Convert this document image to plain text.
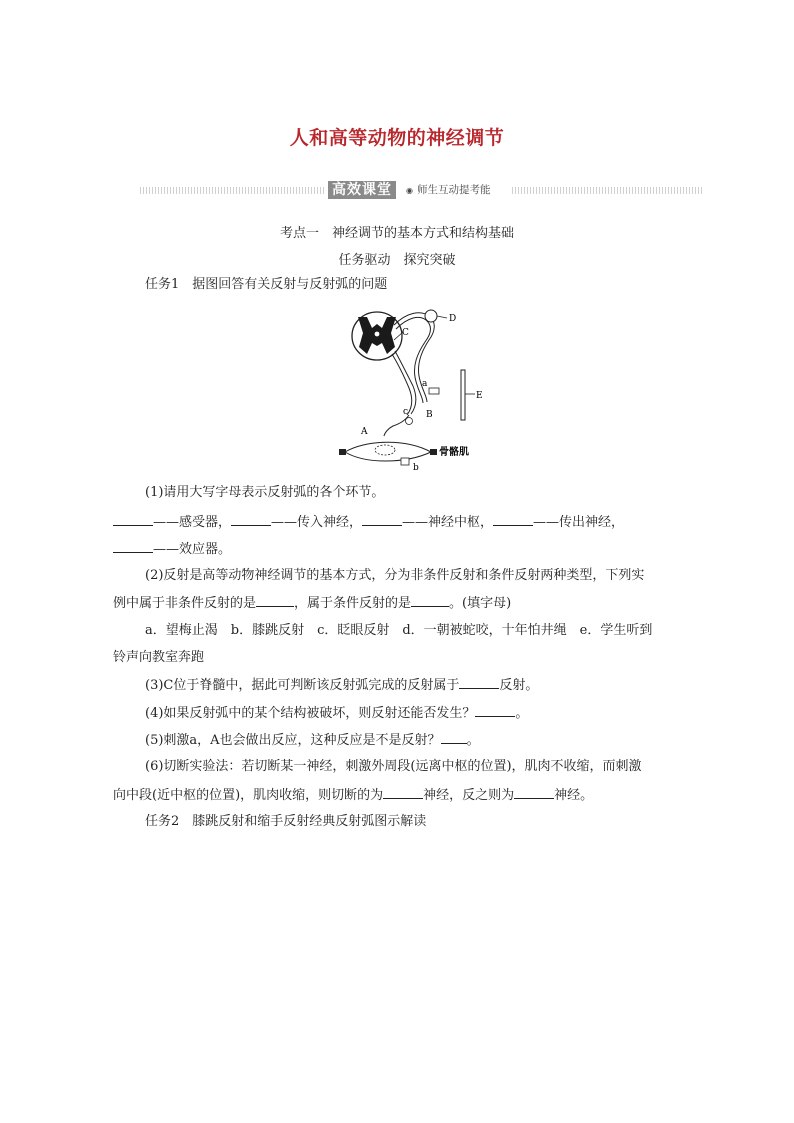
人和高等动物的神经调节
高效课堂	◉ 师生互动提考能
考点一　神经调节的基本方式和结构基础
任务驱动　探究突破
任务1　据图回答有关反射与反射弧的问题
D
C
E
a
B
c
A
b
骨骼肌
(1)请用大写字母表示反射弧的各个环节。
——感受器，	——传入神经，	——神经中枢，	——传出神经，
——效应器。
(2)反射是高等动物神经调节的基本方式，分为非条件反射和条件反射两种类型，下列实
例中属于非条件反射的是	，属于条件反射的是	。(填字母)
a．望梅止渴　b．膝跳反射　c．眨眼反射　d．一朝被蛇咬，十年怕井绳　e．学生听到
铃声向教室奔跑
(3)C位于脊髓中，据此可判断该反射弧完成的反射属于	反射。
(4)如果反射弧中的某个结构被破坏，则反射还能否发生？	。
(5)刺激a，A也会做出反应，这种反应是不是反射？ 。
(6)切断实验法：若切断某一神经，刺激外周段(远离中枢的位置)，肌肉不收缩，而刺激
向中段(近中枢的位置)，肌肉收缩，则切断的为	神经，反之则为	神经。
任务2　膝跳反射和缩手反射经典反射弧图示解读
